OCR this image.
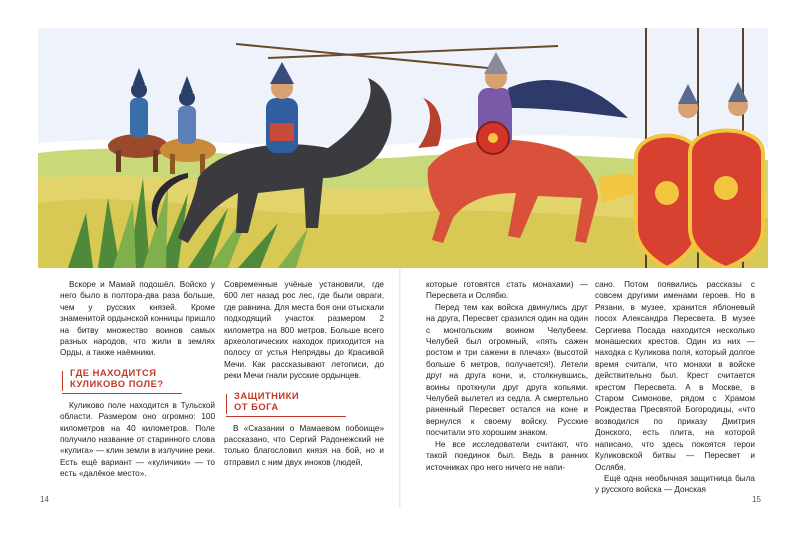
Вскоре и Мамай подошёл. Войско у него было в полтора-два раза больше, чем у русских князей. Кроме знаменитой ордынской конницы пришло на битву множество воинов самых разных народов, что жили в землях Орды, а также наёмники.

ГДЕ НАХОДИТСЯ
КУЛИКОВО ПОЛЕ?

Куликово поле находится в Тульской области. Размером оно огромно: 100 километров на 40 километров. Поле получило название от старинного слова «кулига» — клин земли в излучине реки. Есть ещё вариант — «куличики» — то есть «далёкое место».

Современные учёные установили, где 600 лет назад рос лес, где были овраги, где равнина. Для места боя они отыскали подходящий участок размером 2 километра на 800 метров. Больше всего археологических находок приходится на полосу от устья Непрядвы до Красивой Мечи. Как рассказывают летописи, до реки Мечи гнали русские ордынцев.

ЗАЩИТНИКИ
ОТ БОГА

В «Сказании о Мамаевом побоище» рассказано, что Сергий Радонежский не только благословил князя на бой, но и отправил с ним двух иноков (людей,

которые готовятся стать монахами) — Пересвета и Ослябю.

Перед тем как войска двинулись друг на друга, Пересвет сразился один на один с монгольским воином Челубеем. Челубей был огромный, «пять сажен ростом и три сажени в плечах» (высотой больше 6 метров, получается!). Летели друг на друга кони, и, столкнувшись, воины проткнули друг друга копьями. Челубей вылетел из седла. А смертельно раненный Пересвет остался на коне и вернулся к своему войску. Русские посчитали это хорошим знаком.

Не все исследователи считают, что такой поединок был. Ведь в ранних источниках про него ничего не напи-

сано. Потом появились рассказы с совсем другими именами героев. Но в Рязани, в музее, хранится яблоневый посох Александра Пересвета. В музее Сергиева Посада находится несколько монашеских крестов. Один из них — находка с Куликова поля, который долгое время считали, что монахи в войске действительно был. Крест считается крестом Пересвета. А в Москве, в Старом Симонове, рядом с Храмом Рождества Пресвятой Богородицы, «что возводился по приказу Дмитрия Донского, есть плита, на которой написано, что здесь покоятся герои Куликовской битвы — Пересвет и Ослябя.

Ещё одна необычная защитница была у русского войска — Донская

14	15
